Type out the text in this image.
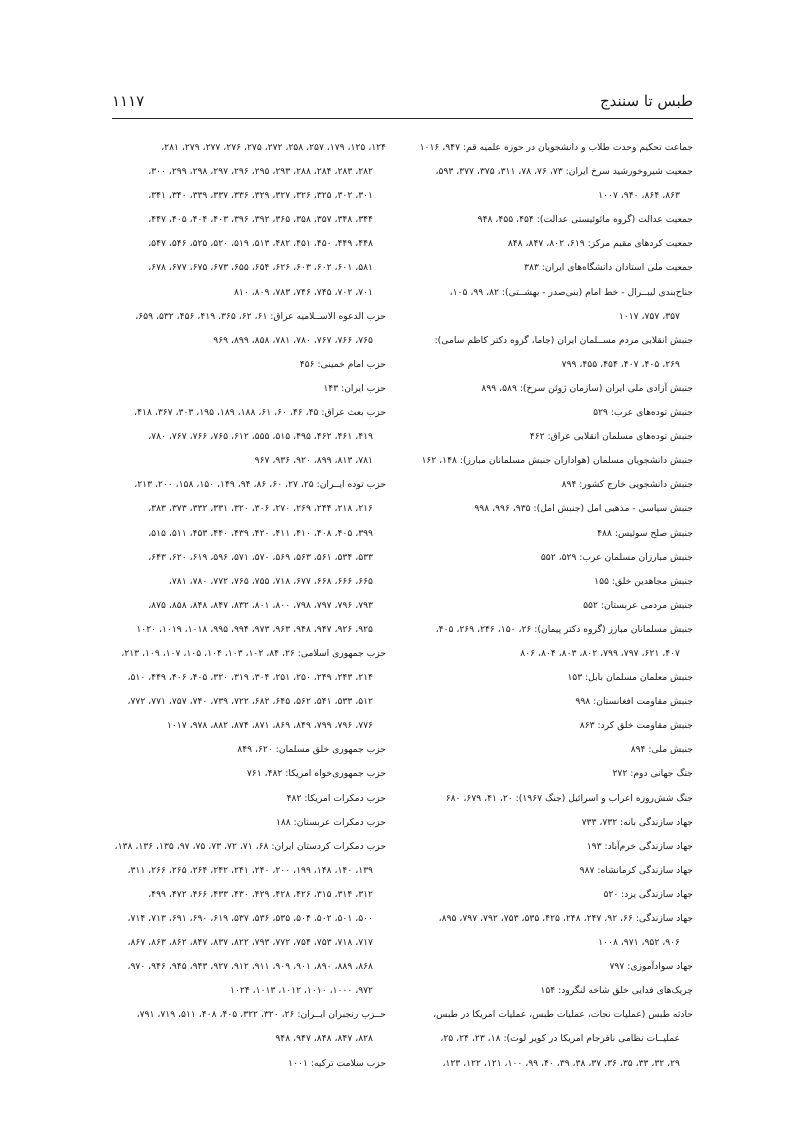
طبس تا سنندج
۱۱۱۷
جماعت تحکیم وحدت طلاب و دانشجویان در حوزه علمیه قم: ۹۴۷، ۱۰۱۶
جمعیت شیروخورشید سرخ ایران: ۷۳، ۷۶، ۷۸، ۳۱۱، ۳۷۵، ۳۷۷، ۵۹۳،
۸۶۳، ۸۶۴، ۹۴۰، ۱۰۰۷
جمعیت عدالت (گروه مائوئیستی عدالت): ۴۵۴، ۴۵۵، ۹۴۸
جمعیت کردهای مقیم مرکز: ۶۱۹، ۸۰۲، ۸۴۷، ۸۴۸
جمعیت ملی استادان دانشگاه‌های ایران: ۳۸۳
جناح‌بندی لیبــرال - خط امام (بنی‌صدر - بهشــتی): ۸۲، ۹۹، ۱۰۵،
۳۵۷، ۷۵۷، ۱۰۱۷
جنبش انقلابی مردم مســلمان ایران (جاما، گروه دکتر کاظم سامی):
۲۶۹، ۴۰۵، ۴۰۷، ۴۵۴، ۴۵۵، ۷۹۹
جنبش آزادی ملی ایران (سازمان ژوئن سرخ): ۵۸۹، ۸۹۹
جنبش توده‌های عرب: ۵۲۹
جنبش توده‌های مسلمان انقلابی عراق: ۴۶۲
جنبش دانشجویان مسلمان (هواداران جنبش مسلمانان مبارز): ۱۴۸، ۱۶۲
جنبش دانشجویی خارج کشور: ۸۹۴
جنبش سیاسی - مذهبی امل (جنبش امل): ۹۳۵، ۹۹۶، ۹۹۸
جنبش صلح سوئیس: ۴۸۸
جنبش مبارزان مسلمان عرب: ۵۲۹، ۵۵۲
جنبش مجاهدین خلق: ۱۵۵
جنبش مردمی عربستان: ۵۵۲
جنبش مسلمانان مبارز (گروه دکتر پیمان): ۲۶، ۱۵۰، ۲۴۶، ۲۶۹، ۴۰۵،
۴۰۷، ۶۲۱، ۷۹۷، ۷۹۹، ۸۰۲، ۸۰۳، ۸۰۴، ۸۰۶
جنبش معلمان مسلمان بابل: ۱۵۳
جنبش مقاومت افغانستان: ۹۹۸
جنبش مقاومت خلق کرد: ۸۶۳
جنبش ملی: ۸۹۴
جنگ جهانی دوم: ۲۷۲
جنگ شش‌روزه اعراب و اسرائیل (جنگ ۱۹۶۷): ۲۰، ۴۱، ۶۷۹، ۶۸۰
جهاد سازندگی بانه: ۷۳۲، ۷۳۳
جهاد سازندگی خرم‌آباد: ۱۹۳
جهاد سازندگی کرمانشاه: ۹۸۷
جهاد سازندگی یزد: ۵۲۰
جهاد سازندگی: ۶۶، ۹۲، ۲۴۷، ۲۴۸، ۴۲۵، ۵۳۵، ۷۵۳، ۷۹۲، ۷۹۷، ۸۹۵،
۹۰۶، ۹۵۲، ۹۷۱، ۱۰۰۸
جهاد سوادآموزی: ۷۹۷
چریک‌های فدایی خلق شاخه لنگرود: ۱۵۴
حادثه طبس (عملیات نجات، عملیات طبس، عملیات امریکا در طبس،
عملیــات نظامی نافرجام امریکا در کویر لوت): ۱۸، ۲۳، ۲۴، ۲۵،
۲۹، ۳۲، ۳۳، ۳۵، ۳۶، ۳۷، ۳۸، ۳۹، ۴۰، ۹۹، ۱۰۰، ۱۲۱، ۱۲۲، ۱۲۳،
۱۲۴، ۱۲۵، ۱۷۹، ۲۵۷، ۲۵۸، ۲۷۲، ۲۷۵، ۲۷۶، ۲۷۷، ۲۷۹، ۲۸۱،
۲۸۲، ۲۸۳، ۲۸۴، ۲۸۸، ۲۹۳، ۲۹۵، ۲۹۶، ۲۹۷، ۲۹۸، ۲۹۹، ۳۰۰،
۳۰۱، ۳۰۲، ۳۲۵، ۳۲۶، ۳۲۷، ۳۲۹، ۳۳۶، ۳۳۷، ۳۳۹، ۳۴۰، ۳۴۱،
۳۴۴، ۳۴۸، ۳۵۷، ۳۵۸، ۳۶۵، ۳۹۲، ۳۹۶، ۴۰۳، ۴۰۴، ۴۰۵، ۴۴۷،
۴۴۸، ۴۴۹، ۴۵۰، ۴۵۱، ۴۸۲، ۵۱۳، ۵۱۹، ۵۲۰، ۵۲۵، ۵۴۶، ۵۴۷،
۵۸۱، ۶۰۱، ۶۰۲، ۶۰۳، ۶۲۶، ۶۵۴، ۶۵۵، ۶۷۳، ۶۷۵، ۶۷۷، ۶۷۸،
۷۰۱، ۷۰۲، ۷۴۵، ۷۴۶، ۷۸۳، ۸۰۹، ۸۱۰
حزب الدعوه الاســلامیه عراق: ۶۱، ۶۲، ۳۶۵، ۴۱۹، ۴۵۶، ۵۳۲، ۶۵۹،
۷۶۵، ۷۶۶، ۷۶۷، ۷۸۰، ۷۸۱، ۸۵۸، ۸۹۹، ۹۶۹
حزب امام خمینی: ۴۵۶
حزب ایران: ۱۴۳
حزب بعث عراق: ۴۵، ۴۶، ۶۰، ۶۱، ۱۸۸، ۱۸۹، ۱۹۵، ۳۰۳، ۳۶۷، ۴۱۸،
۴۱۹، ۴۶۱، ۴۶۲، ۴۹۵، ۵۱۵، ۵۵۵، ۶۱۲، ۷۶۵، ۷۶۶، ۷۶۷، ۷۸۰،
۷۸۱، ۸۱۳، ۸۹۹، ۹۲۰، ۹۳۶، ۹۶۷
حزب توده ایــران: ۲۵، ۲۷، ۶۰، ۸۶، ۹۴، ۱۴۹، ۱۵۰، ۱۵۸، ۲۰۰، ۲۱۳،
۲۱۶، ۲۱۸، ۲۴۴، ۲۶۹، ۲۷۰، ۳۰۶، ۳۲۰، ۳۳۱، ۳۳۲، ۳۷۳، ۳۸۳،
۳۹۹، ۴۰۵، ۴۰۸، ۴۱۰، ۴۱۱، ۴۲۰، ۴۳۹، ۴۴۰، ۴۵۳، ۵۱۱، ۵۱۵،
۵۳۳، ۵۳۴، ۵۶۱، ۵۶۳، ۵۶۹، ۵۷۰، ۵۷۱، ۵۹۶، ۶۱۹، ۶۲۰، ۶۴۳،
۶۶۵، ۶۶۶، ۶۶۸، ۶۷۷، ۷۱۸، ۷۵۵، ۷۶۵، ۷۷۲، ۷۸۰، ۷۸۱،
۷۹۳، ۷۹۶، ۷۹۷، ۷۹۸، ۸۰۰، ۸۰۱، ۸۳۲، ۸۴۷، ۸۴۸، ۸۵۸، ۸۷۵،
۹۲۵، ۹۲۶، ۹۴۷، ۹۴۸، ۹۶۳، ۹۷۳، ۹۹۴، ۹۹۵، ۱۰۱۸، ۱۰۱۹، ۱۰۲۰
حزب جمهوری اسلامی: ۲۶، ۸۴، ۱۰۲، ۱۰۳، ۱۰۴، ۱۰۵، ۱۰۷، ۱۰۹، ۲۱۳،
۲۱۴، ۲۴۳، ۲۴۹، ۲۵۰، ۲۵۱، ۳۰۴، ۳۱۹، ۳۲۰، ۴۰۵، ۴۰۶، ۴۴۹، ۵۱۰،
۵۱۲، ۵۳۳، ۵۴۱، ۵۶۲، ۶۴۵، ۶۸۲، ۷۲۲، ۷۳۹، ۷۴۰، ۷۵۷، ۷۷۱، ۷۷۲،
۷۷۶، ۷۹۶، ۷۹۹، ۸۴۹، ۸۶۹، ۸۷۱، ۸۷۴، ۸۸۲، ۹۷۸، ۱۰۱۷
حزب جمهوری خلق مسلمان: ۶۲۰، ۸۴۹
حزب جمهوری‌خواه امریکا: ۴۸۲، ۷۶۱
حزب دمکرات امریکا: ۴۸۲
حزب دمکرات عربستان: ۱۸۸
حزب دمکرات کردستان ایران: ۶۸، ۷۱، ۷۲، ۷۳، ۷۵، ۹۷، ۱۳۵، ۱۳۶، ۱۳۸،
۱۳۹، ۱۴۰، ۱۴۸، ۱۹۹، ۲۰۰، ۲۴۰، ۲۴۱، ۲۴۲، ۲۶۴، ۲۶۵، ۲۶۶، ۳۱۱،
۳۱۲، ۳۱۴، ۳۱۵، ۴۲۶، ۴۲۸، ۴۲۹، ۴۳۰، ۴۳۳، ۴۶۶، ۴۷۲، ۴۹۹،
۵۰۰، ۵۰۱، ۵۰۲، ۵۰۴، ۵۳۵، ۵۳۶، ۵۳۷، ۶۱۹، ۶۹۰، ۶۹۱، ۷۱۳، ۷۱۴،
۷۱۷، ۷۱۸، ۷۵۳، ۷۵۴، ۷۷۲، ۷۹۳، ۸۲۲، ۸۳۷، ۸۴۷، ۸۶۲، ۸۶۳، ۸۶۷،
۸۶۸، ۸۸۹، ۸۹۰، ۹۰۱، ۹۰۹، ۹۱۱، ۹۱۲، ۹۲۷، ۹۴۳، ۹۴۵، ۹۴۶، ۹۷۰،
۹۷۲، ۱۰۰۰، ۱۰۱۰، ۱۰۱۲، ۱۰۱۳، ۱۰۲۴
حــزب رنجبران ایــران: ۲۶، ۳۲۰، ۳۲۲، ۴۰۵، ۴۰۸، ۵۱۱، ۷۱۹، ۷۹۱،
۸۲۸، ۸۴۷، ۸۴۸، ۹۴۷، ۹۴۸
حزب سلامت ترکیه: ۱۰۰۱
